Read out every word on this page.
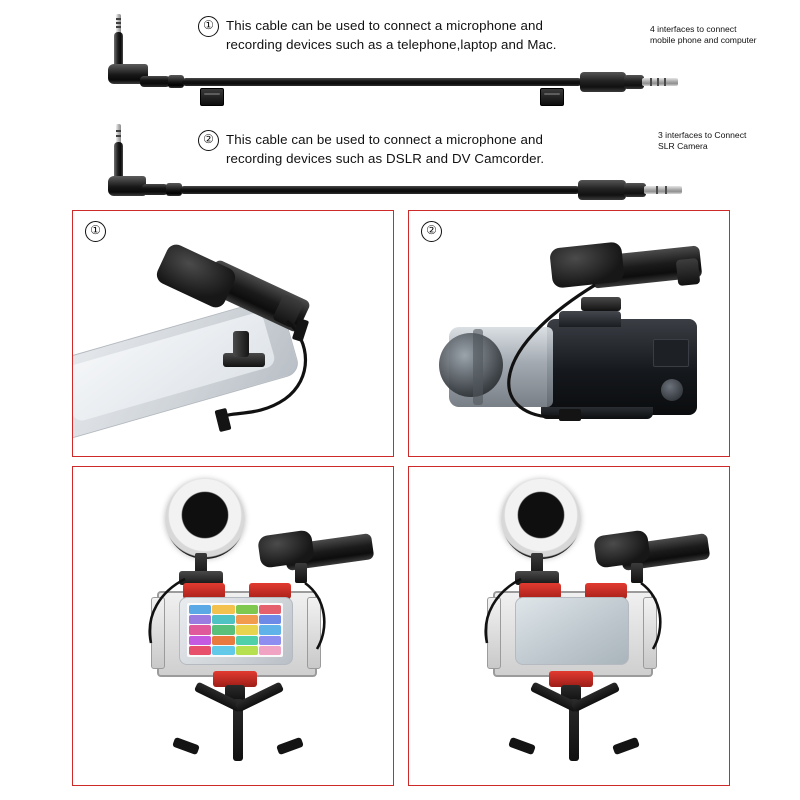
① This cable can be used to connect a microphone and
recording devices such as a telephone,laptop and Mac.
4 interfaces to connect
mobile phone and computer
② This cable can be used to connect a microphone and
recording devices such as DSLR and DV Camcorder.
3 interfaces to Connect
SLR Camera
①	②
